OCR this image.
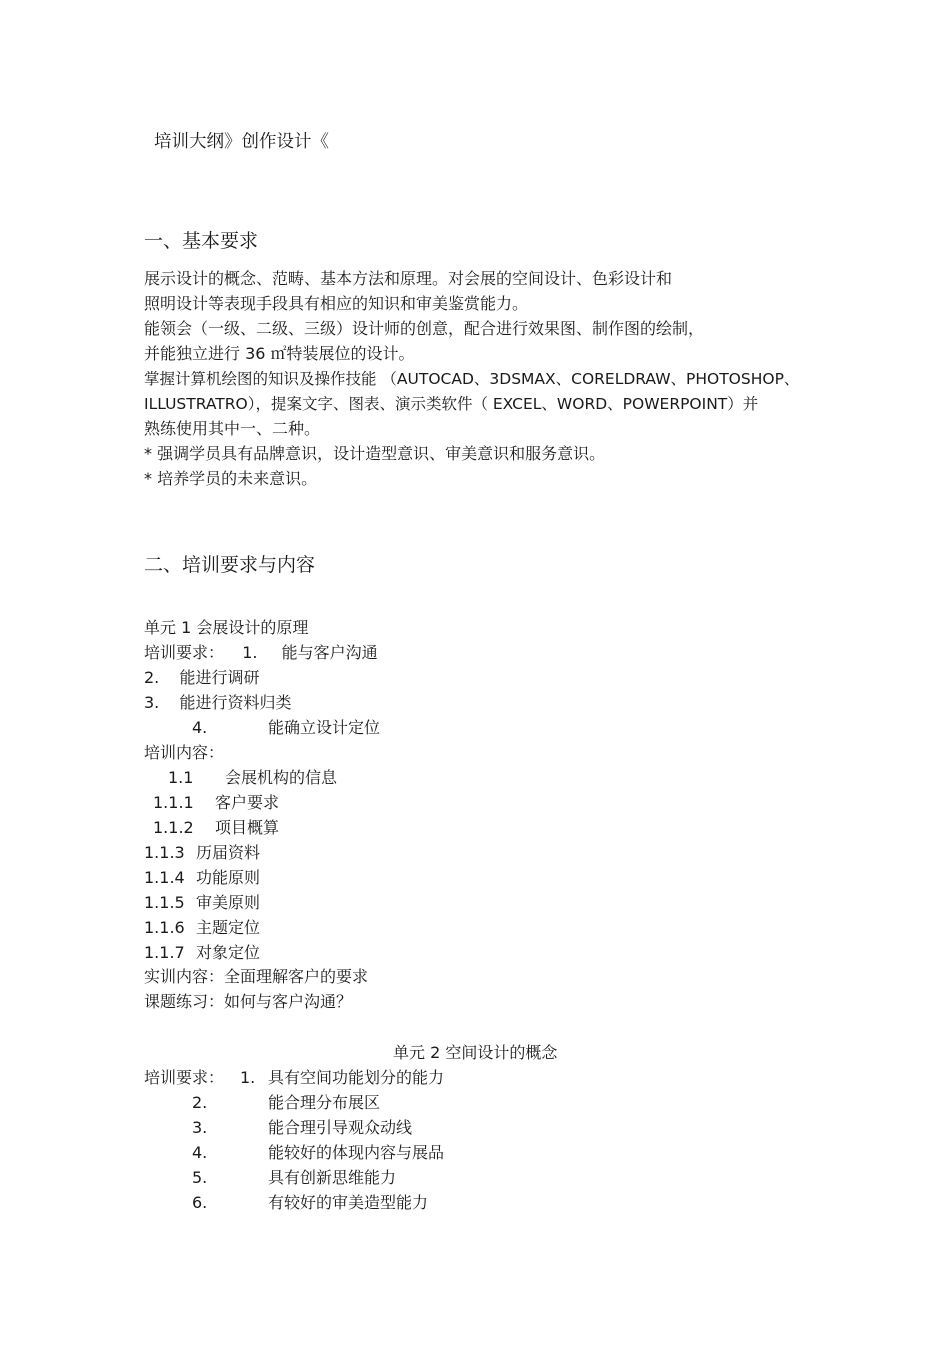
培训大纲》创作设计《
一、基本要求
展示设计的概念、范畴、基本方法和原理。对会展的空间设计、色彩设计和
照明设计等表现手段具有相应的知识和审美鉴赏能力。
能领会（一级、二级、三级）设计师的创意，配合进行效果图、制作图的绘制，
并能独立进行 36 ㎡特装展位的设计。
掌握计算机绘图的知识及操作技能 （AUTOCAD、3DSMAX、CORELDRAW、PHOTOSHOP、
ILLUSTRATRO），提案文字、图表、演示类软件（ EXCEL、WORD、POWERPOINT）并
熟练使用其中一、二种。
* 强调学员具有品牌意识，设计造型意识、审美意识和服务意识。
* 培养学员的未来意识。
二、培训要求与内容
单元 1 会展设计的原理
培训要求： 1. 能与客户沟通
2. 能进行调研
3. 能进行资料归类
4.	能确立设计定位
培训内容：
1.1 会展机构的信息
1.1.1 客户要求
1.1.2 项目概算
1.1.3 历届资料
1.1.4 功能原则
1.1.5 审美原则
1.1.6 主题定位
1.1.7 对象定位
实训内容：全面理解客户的要求
课题练习：如何与客户沟通？
单元 2 空间设计的概念
培训要求： 1. 具有空间功能划分的能力
2.	能合理分布展区
3.	能合理引导观众动线
4.	能较好的体现内容与展品
5.	具有创新思维能力
6.	有较好的审美造型能力
